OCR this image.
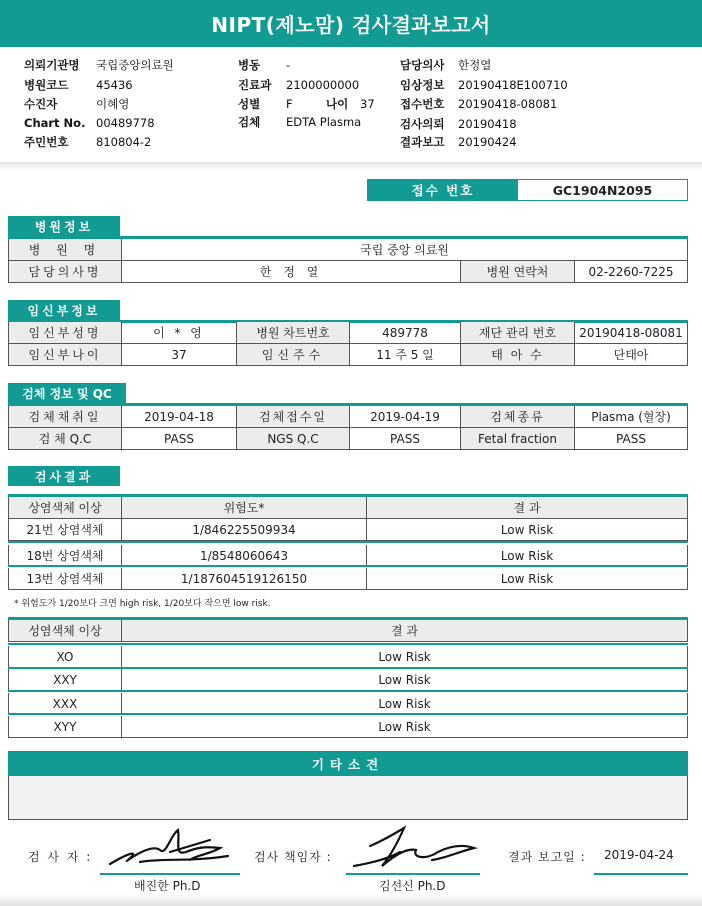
NIPT(제노맘) 검사결과보고서
의뢰기관명 국립중앙의료원
병원코드 45436
수진자	이혜영
Chart No. 00489778
주민번호 810804-2
병동 -
진료과 2100000000
성별 F	나이 37
검체 EDTA Plasma
담당의사 한정열
임상정보 20190418E100710
접수번호 20190418-08081
검사의뢰 20190418
결과보고 20190424
접수 번호	GC1904N2095
병원정보
병 원 명	국립 중앙 의료원
담당의사명	한 정 열	병원 연락처	02-2260-7225
임신부정보
임신부성명	이 * 영	병원 차트번호	489778	재단 관리 번호	20190418-08081
임신부나이	37	임신주수	11 주 5 일	태 아 수	단태아
검체 정보 및 QC
검체채취일	2019-04-18	검체접수일	2019-04-19	검체종류	Plasma (혈장)
검 체 Q.C	PASS	NGS Q.C	PASS	Fetal fraction	PASS
검사결과
상염색체 이상	위험도*	결 과
21번 상염색체	1/846225509934	Low Risk
18번 상염색체	1/8548060643	Low Risk
13번 상염색체	1/187604519126150	Low Risk
* 위험도가 1/20보다 크면 high risk, 1/20보다 작으면 low risk.
성염색체 이상	결 과
XO	Low Risk
XXY	Low Risk
XXX	Low Risk
XYY	Low Risk
기타소견
검 사 자 :
배진한 Ph.D
검사 책임자 :
김선신 Ph.D
결과 보고일 : 2019-04-24
